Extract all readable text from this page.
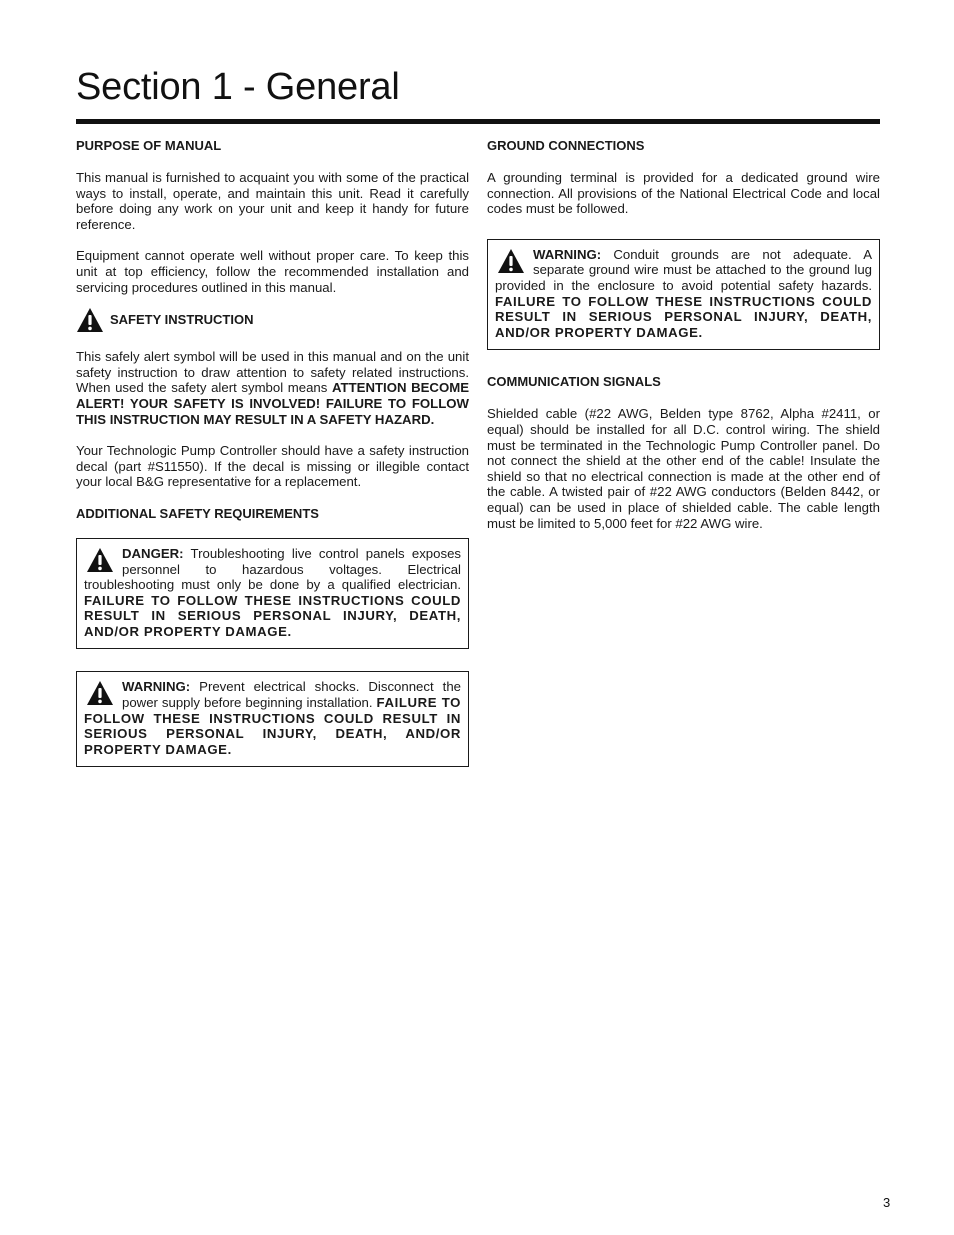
Section 1 - General
PURPOSE OF MANUAL

This manual is furnished to acquaint you with some of the practical ways to install, operate, and maintain this unit. Read it carefully before doing any work on your unit and keep it handy for future reference.

Equipment cannot operate well without proper care. To keep this unit at top efficiency, follow the recommended installation and servicing procedures outlined in this manual.

SAFETY INSTRUCTION

This safely alert symbol will be used in this manual and on the unit safety instruction to draw attention to safety related instructions. When used the safety alert symbol means ATTENTION BECOME ALERT! YOUR SAFETY IS INVOLVED! FAILURE TO FOLLOW THIS INSTRUCTION MAY RESULT IN A SAFETY HAZARD.

Your Technologic Pump Controller should have a safety instruction decal (part #S11550). If the decal is missing or illegible contact your local B&G representative for a replacement.

ADDITIONAL SAFETY REQUIREMENTS

DANGER: Troubleshooting live control panels exposes personnel to hazardous voltages. Electrical troubleshooting must only be done by a qualified electrician. FAILURE TO FOLLOW THESE INSTRUCTIONS COULD RESULT IN SERIOUS PERSONAL INJURY, DEATH, AND/OR PROPERTY DAMAGE.

WARNING: Prevent electrical shocks. Disconnect the power supply before beginning installation. FAILURE TO FOLLOW THESE INSTRUCTIONS COULD RESULT IN SERIOUS PERSONAL INJURY, DEATH, AND/OR PROPERTY DAMAGE.

GROUND CONNECTIONS

A grounding terminal is provided for a dedicated ground wire connection. All provisions of the National Electrical Code and local codes must be followed.

WARNING: Conduit grounds are not adequate. A separate ground wire must be attached to the ground lug provided in the enclosure to avoid potential safety hazards. FAILURE TO FOLLOW THESE INSTRUCTIONS COULD RESULT IN SERIOUS PERSONAL INJURY, DEATH, AND/OR PROPERTY DAMAGE.

COMMUNICATION SIGNALS

Shielded cable (#22 AWG, Belden type 8762, Alpha #2411, or equal) should be installed for all D.C. control wiring. The shield must be terminated in the Technologic Pump Controller panel. Do not connect the shield at the other end of the cable! Insulate the shield so that no electrical connection is made at the other end of the cable. A twisted pair of #22 AWG conductors (Belden 8442, or equal) can be used in place of shielded cable. The cable length must be limited to 5,000 feet for #22 AWG wire.

3
